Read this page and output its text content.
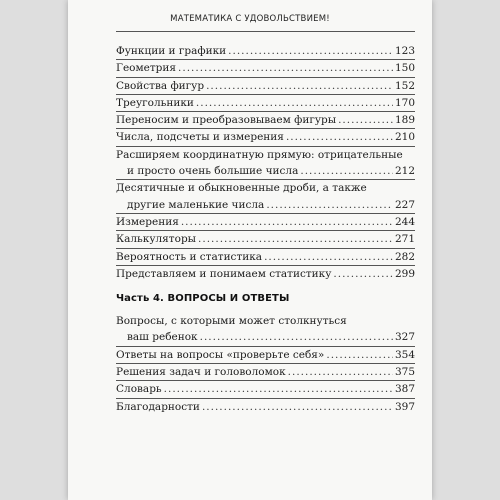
МАТЕМАТИКА С УДОВОЛЬСТВИЕМ!
Функции и графики .....	123
Геометрия .....	150
Свойства фигур .....	152
Треугольники .....	170
Переносим и преобразовываем фигуры .....	189
Числа, подсчеты и измерения .....	210
Расширяем координатную прямую: отрицательные
и просто очень большие числа .....	212
Десятичные и обыкновенные дроби, а также
другие маленькие числа .....	227
Измерения .....	244
Калькуляторы .....	271
Вероятность и статистика .....	282
Представляем и понимаем статистику .....	299
Часть 4. ВОПРОСЫ И ОТВЕТЫ
Вопросы, с которыми может столкнуться
ваш ребенок .....	327
Ответы на вопросы «проверьте себя» .....	354
Решения задач и головоломок .....	375
Словарь .....	387
Благодарности .....	397
